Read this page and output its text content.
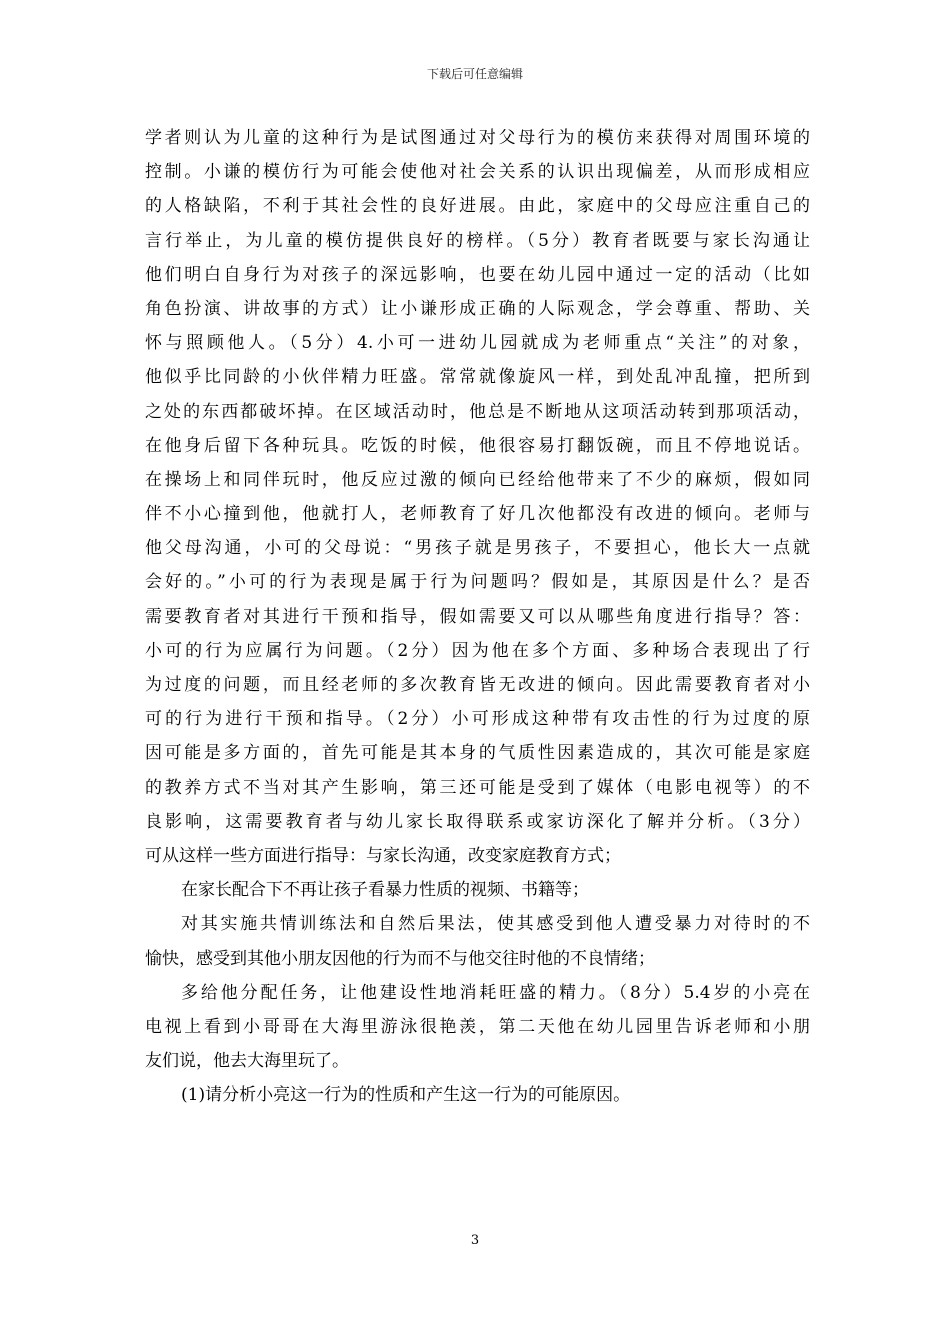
下载后可任意编辑
学者则认为儿童的这种行为是试图通过对父母行为的模仿来获得对周围环境的
控制。小谦的模仿行为可能会使他对社会关系的认识出现偏差，从而形成相应
的人格缺陷，不利于其社会性的良好进展。由此，家庭中的父母应注重自己的
言行举止，为儿童的模仿提供良好的榜样。（5分）教育者既要与家长沟通让
他们明白自身行为对孩子的深远影响，也要在幼儿园中通过一定的活动（比如
角色扮演、讲故事的方式）让小谦形成正确的人际观念，学会尊重、帮助、关
怀与照顾他人。（5分）4.小可一进幼儿园就成为老师重点“关注”的对象，
他似乎比同龄的小伙伴精力旺盛。常常就像旋风一样，到处乱冲乱撞，把所到
之处的东西都破坏掉。在区域活动时，他总是不断地从这项活动转到那项活动，
在他身后留下各种玩具。吃饭的时候，他很容易打翻饭碗，而且不停地说话。
在操场上和同伴玩时，他反应过激的倾向已经给他带来了不少的麻烦，假如同
伴不小心撞到他，他就打人，老师教育了好几次他都没有改进的倾向。老师与
他父母沟通，小可的父母说：“男孩子就是男孩子，不要担心，他长大一点就
会好的。”小可的行为表现是属于行为问题吗？假如是，其原因是什么？是否
需要教育者对其进行干预和指导，假如需要又可以从哪些角度进行指导？答：
小可的行为应属行为问题。（2分）因为他在多个方面、多种场合表现出了行
为过度的问题，而且经老师的多次教育皆无改进的倾向。因此需要教育者对小
可的行为进行干预和指导。（2分）小可形成这种带有攻击性的行为过度的原
因可能是多方面的，首先可能是其本身的气质性因素造成的，其次可能是家庭
的教养方式不当对其产生影响，第三还可能是受到了媒体（电影电视等）的不
良影响，这需要教育者与幼儿家长取得联系或家访深化了解并分析。（3分）
可从这样一些方面进行指导：与家长沟通，改变家庭教育方式；
在家长配合下不再让孩子看暴力性质的视频、书籍等；
对其实施共情训练法和自然后果法，使其感受到他人遭受暴力对待时的不
愉快，感受到其他小朋友因他的行为而不与他交往时他的不良情绪；
多给他分配任务，让他建设性地消耗旺盛的精力。（8分）5.4岁的小亮在
电视上看到小哥哥在大海里游泳很艳羡，第二天他在幼儿园里告诉老师和小朋
友们说，他去大海里玩了。
(1)请分析小亮这一行为的性质和产生这一行为的可能原因。
3
